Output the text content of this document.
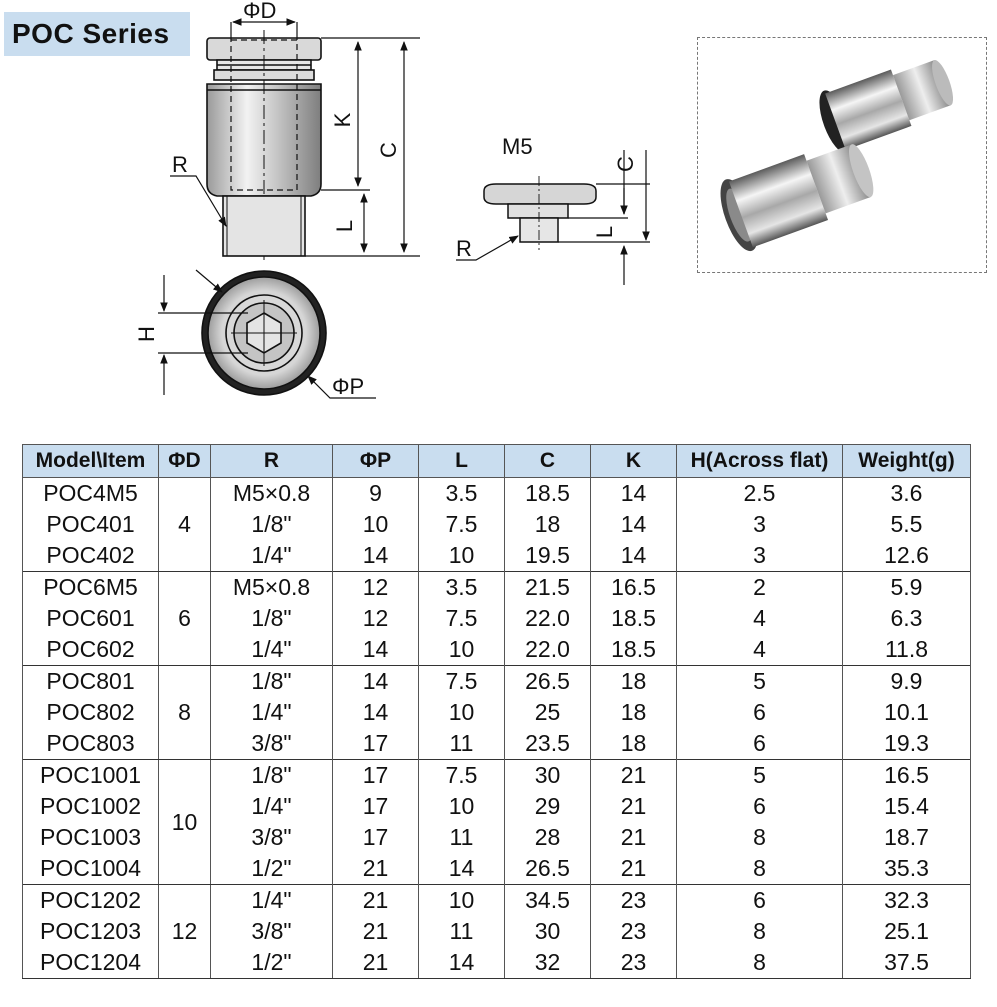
POC Series
ΦD
K
C
L
R
H
ΦP
M5
C
L
R
Model\Item	ΦD	R	ΦP	L	C	K	H(Across flat)	Weight(g)
POC4M5	4	M5×0.8	9	3.5	18.5	14	2.5	3.6
POC401		1/8"	10	7.5	18	14	3	5.5
POC402		1/4"	14	10	19.5	14	3	12.6
POC6M5	6	M5×0.8	12	3.5	21.5	16.5	2	5.9
POC601		1/8"	12	7.5	22.0	18.5	4	6.3
POC602		1/4"	14	10	22.0	18.5	4	11.8
POC801	8	1/8"	14	7.5	26.5	18	5	9.9
POC802		1/4"	14	10	25	18	6	10.1
POC803		3/8"	17	11	23.5	18	6	19.3
POC1001	10	1/8"	17	7.5	30	21	5	16.5
POC1002		1/4"	17	10	29	21	6	15.4
POC1003		3/8"	17	11	28	21	8	18.7
POC1004		1/2"	21	14	26.5	21	8	35.3
POC1202	12	1/4"	21	10	34.5	23	6	32.3
POC1203		3/8"	21	11	30	23	8	25.1
POC1204		1/2"	21	14	32	23	8	37.5
